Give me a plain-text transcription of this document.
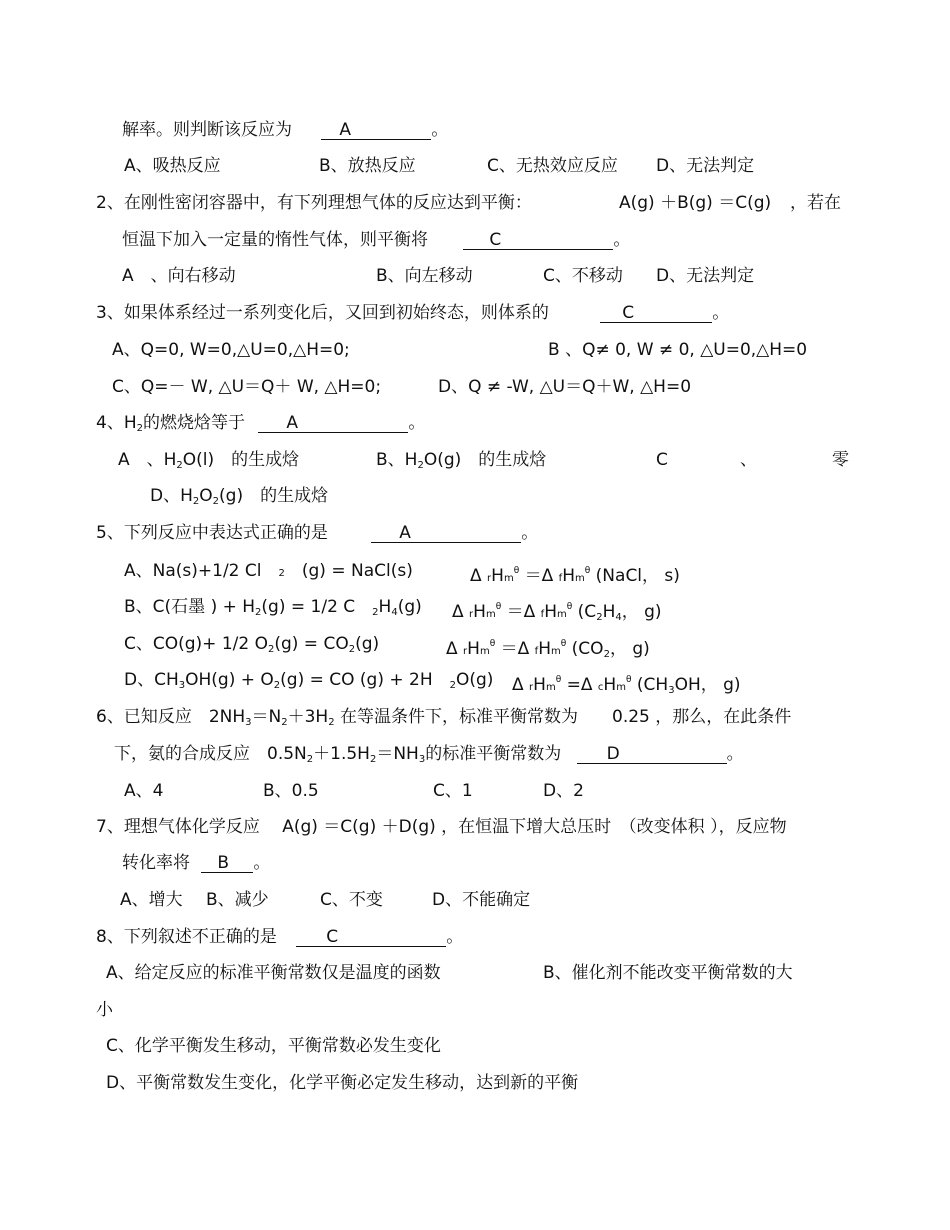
解率。则判断该反应为	A	。
A、吸热反应	B、放热反应	C、无热效应反应 D、无法判定
2、在刚性密闭容器中，有下列理想气体的反应达到平衡：	A(g) ＋B(g) ＝C(g) ，若在
恒温下加入一定量的惰性气体，则平衡将	C	。
A　、向右移动	B、向左移动	C、不移动 D、无法判定
3、如果体系经过一系列变化后，又回到初始终态，则体系的	C	。
A、Q=0, W=0,△U=0,△H=0;	B 、Q≠ 0, W ≠ 0, △U=0,△H=0
C、Q=－ W, △U＝Q＋ W, △H=0;	D、Q ≠ -W, △U＝Q＋W, △H=0
4、$H_2$的燃烧焓等于 A	。
A　、$H_2O(l)$　的生成焓	B、$H_2O(g)$　的生成焓	C	、	零
D、$H_2O_2(g)$　的生成焓
5、下列反应中表达式正确的是	A	。
A、Na(s)+1/2 Cl　 2　 (g) = NaCl(s)	Δ rHm$^\theta$ ＝Δ fHm$^\theta$ (NaCl， s)
B、C(石墨 ) + $H_2(g) = 1/2$ C　 $_2H_4(g)$ Δ rHm$^\theta$ ＝Δ fHm$^\theta$ ($C_2H_4$， g)
C、CO(g)+ 1/2 $O_2(g) = CO_2(g)$	Δ rHm$^\theta$ ＝Δ fHm$^\theta$ ($CO_2$， g)
D、$CH_3OH(g) + O_2(g)$ = CO (g) + 2H　 $_2$O(g) Δ rHm$^\theta$ =Δ cHm$^\theta$ ($CH_3OH$， g)
6、已知反应　$2NH_3=N_2+3H_2$ 在等温条件下，标准平衡常数为　　0.25 ，那么，在此条件
下，氨的合成反应　$0.5N_2+1.5H_2=NH_3$的标准平衡常数为	D	。
A、4	B、0.5	C、1	D、2
7、理想气体化学反应　 A(g) ＝C(g) ＋D(g) ，在恒温下增大总压时　（改变体积 ），反应物
转化率将 B 。
A、增大 B、减少	C、不变	D、不能确定
8、下列叙述不正确的是	C	。
A、给定反应的标准平衡常数仅是温度的函数	B、催化剂不能改变平衡常数的大
小
C、化学平衡发生移动，平衡常数必发生变化
D、平衡常数发生变化，化学平衡必定发生移动，达到新的平衡
